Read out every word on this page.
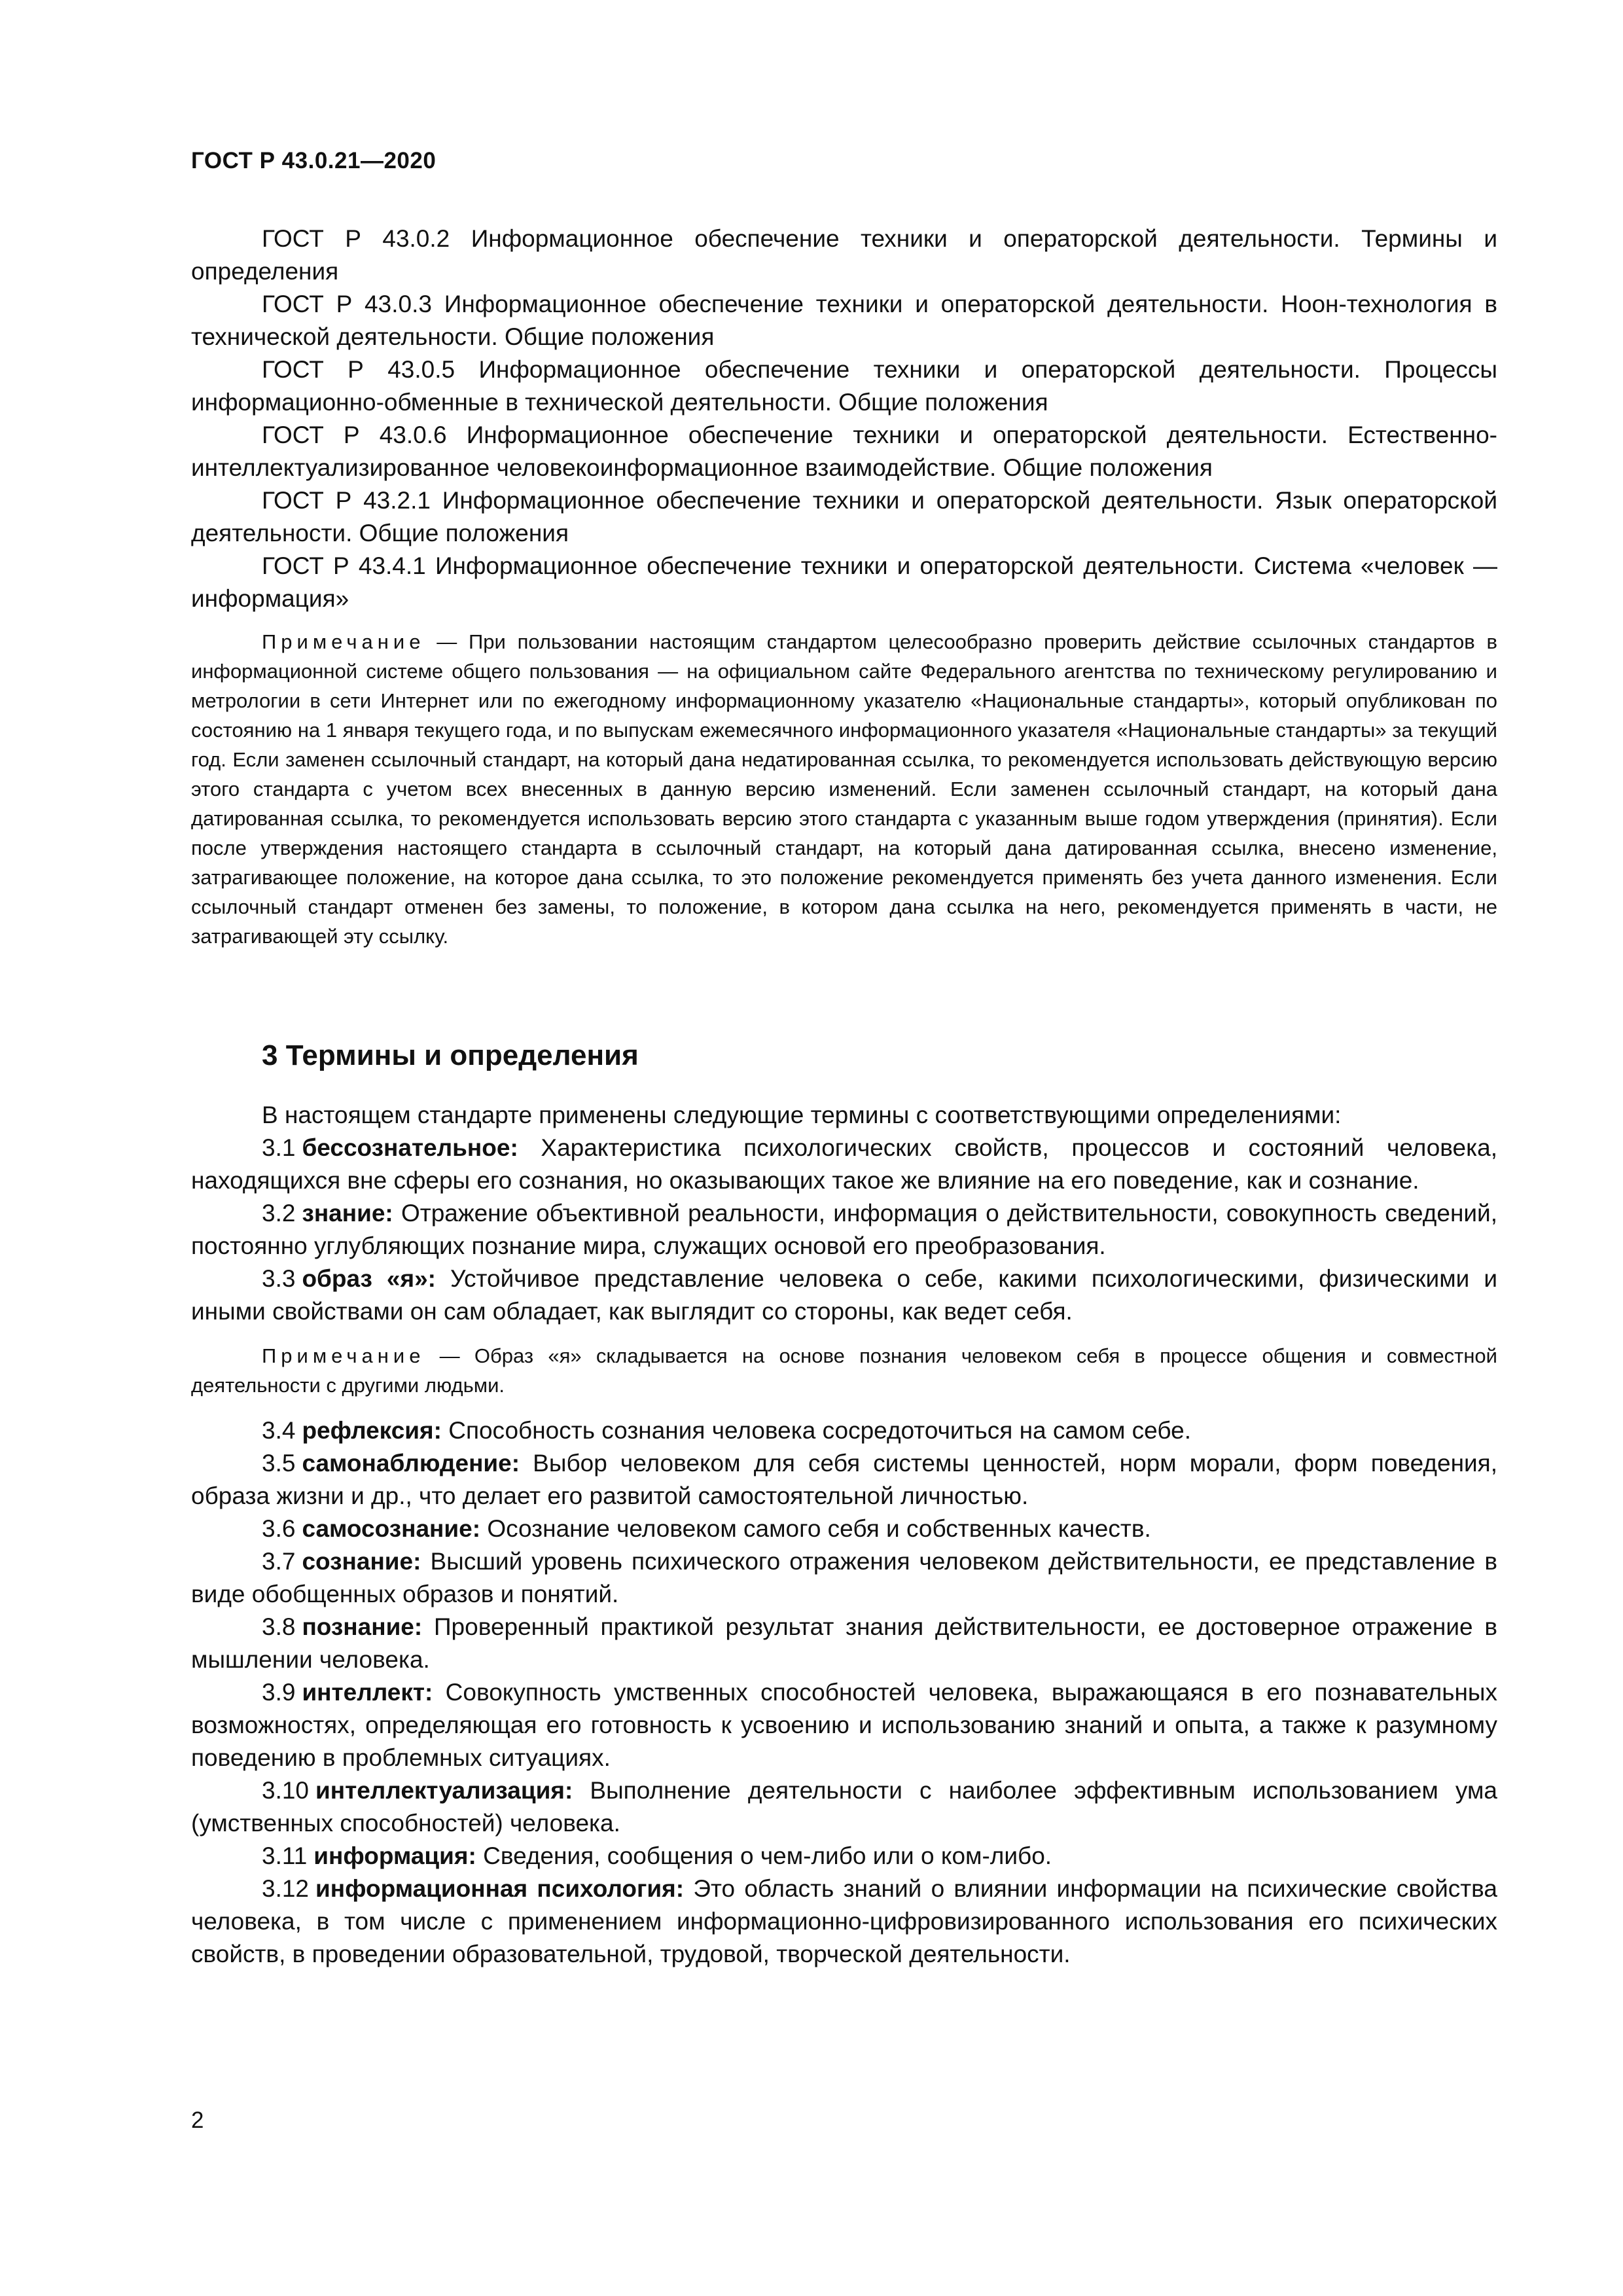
ГОСТ Р 43.0.21—2020

ГОСТ Р 43.0.2 Информационное обеспечение техники и операторской деятельности. Термины и определения

ГОСТ Р 43.0.3 Информационное обеспечение техники и операторской деятельности. Ноон-технология в технической деятельности. Общие положения

ГОСТ Р 43.0.5 Информационное обеспечение техники и операторской деятельности. Процессы информационно-обменные в технической деятельности. Общие положения

ГОСТ Р 43.0.6 Информационное обеспечение техники и операторской деятельности. Естественно-интеллектуализированное человекоинформационное взаимодействие. Общие положения

ГОСТ Р 43.2.1 Информационное обеспечение техники и операторской деятельности. Язык операторской деятельности. Общие положения

ГОСТ Р 43.4.1 Информационное обеспечение техники и операторской деятельности. Система «человек — информация»

Примечание — При пользовании настоящим стандартом целесообразно проверить действие ссылочных стандартов в информационной системе общего пользования — на официальном сайте Федерального агентства по техническому регулированию и метрологии в сети Интернет или по ежегодному информационному указателю «Национальные стандарты», который опубликован по состоянию на 1 января текущего года, и по выпускам ежемесячного информационного указателя «Национальные стандарты» за текущий год. Если заменен ссылочный стандарт, на который дана недатированная ссылка, то рекомендуется использовать действующую версию этого стандарта с учетом всех внесенных в данную версию изменений. Если заменен ссылочный стандарт, на который дана датированная ссылка, то рекомендуется использовать версию этого стандарта с указанным выше годом утверждения (принятия). Если после утверждения настоящего стандарта в ссылочный стандарт, на который дана датированная ссылка, внесено изменение, затрагивающее положение, на которое дана ссылка, то это положение рекомендуется применять без учета данного изменения. Если ссылочный стандарт отменен без замены, то положение, в котором дана ссылка на него, рекомендуется применять в части, не затрагивающей эту ссылку.

3 Термины и определения

В настоящем стандарте применены следующие термины с соответствующими определениями:

3.1 бессознательное: Характеристика психологических свойств, процессов и состояний человека, находящихся вне сферы его сознания, но оказывающих такое же влияние на его поведение, как и сознание.

3.2 знание: Отражение объективной реальности, информация о действительности, совокупность сведений, постоянно углубляющих познание мира, служащих основой его преобразования.

3.3 образ «я»: Устойчивое представление человека о себе, какими психологическими, физическими и иными свойствами он сам обладает, как выглядит со стороны, как ведет себя.

Примечание — Образ «я» складывается на основе познания человеком себя в процессе общения и совместной деятельности с другими людьми.

3.4 рефлексия: Способность сознания человека сосредоточиться на самом себе.

3.5 самонаблюдение: Выбор человеком для себя системы ценностей, норм морали, форм поведения, образа жизни и др., что делает его развитой самостоятельной личностью.

3.6 самосознание: Осознание человеком самого себя и собственных качеств.

3.7 сознание: Высший уровень психического отражения человеком действительности, ее представление в виде обобщенных образов и понятий.

3.8 познание: Проверенный практикой результат знания действительности, ее достоверное отражение в мышлении человека.

3.9 интеллект: Совокупность умственных способностей человека, выражающаяся в его познавательных возможностях, определяющая его готовность к усвоению и использованию знаний и опыта, а также к разумному поведению в проблемных ситуациях.

3.10 интеллектуализация: Выполнение деятельности с наиболее эффективным использованием ума (умственных способностей) человека.

3.11 информация: Сведения, сообщения о чем-либо или о ком-либо.

3.12 информационная психология: Это область знаний о влиянии информации на психические свойства человека, в том числе с применением информационно-цифровизированного использования его психических свойств, в проведении образовательной, трудовой, творческой деятельности.

2
